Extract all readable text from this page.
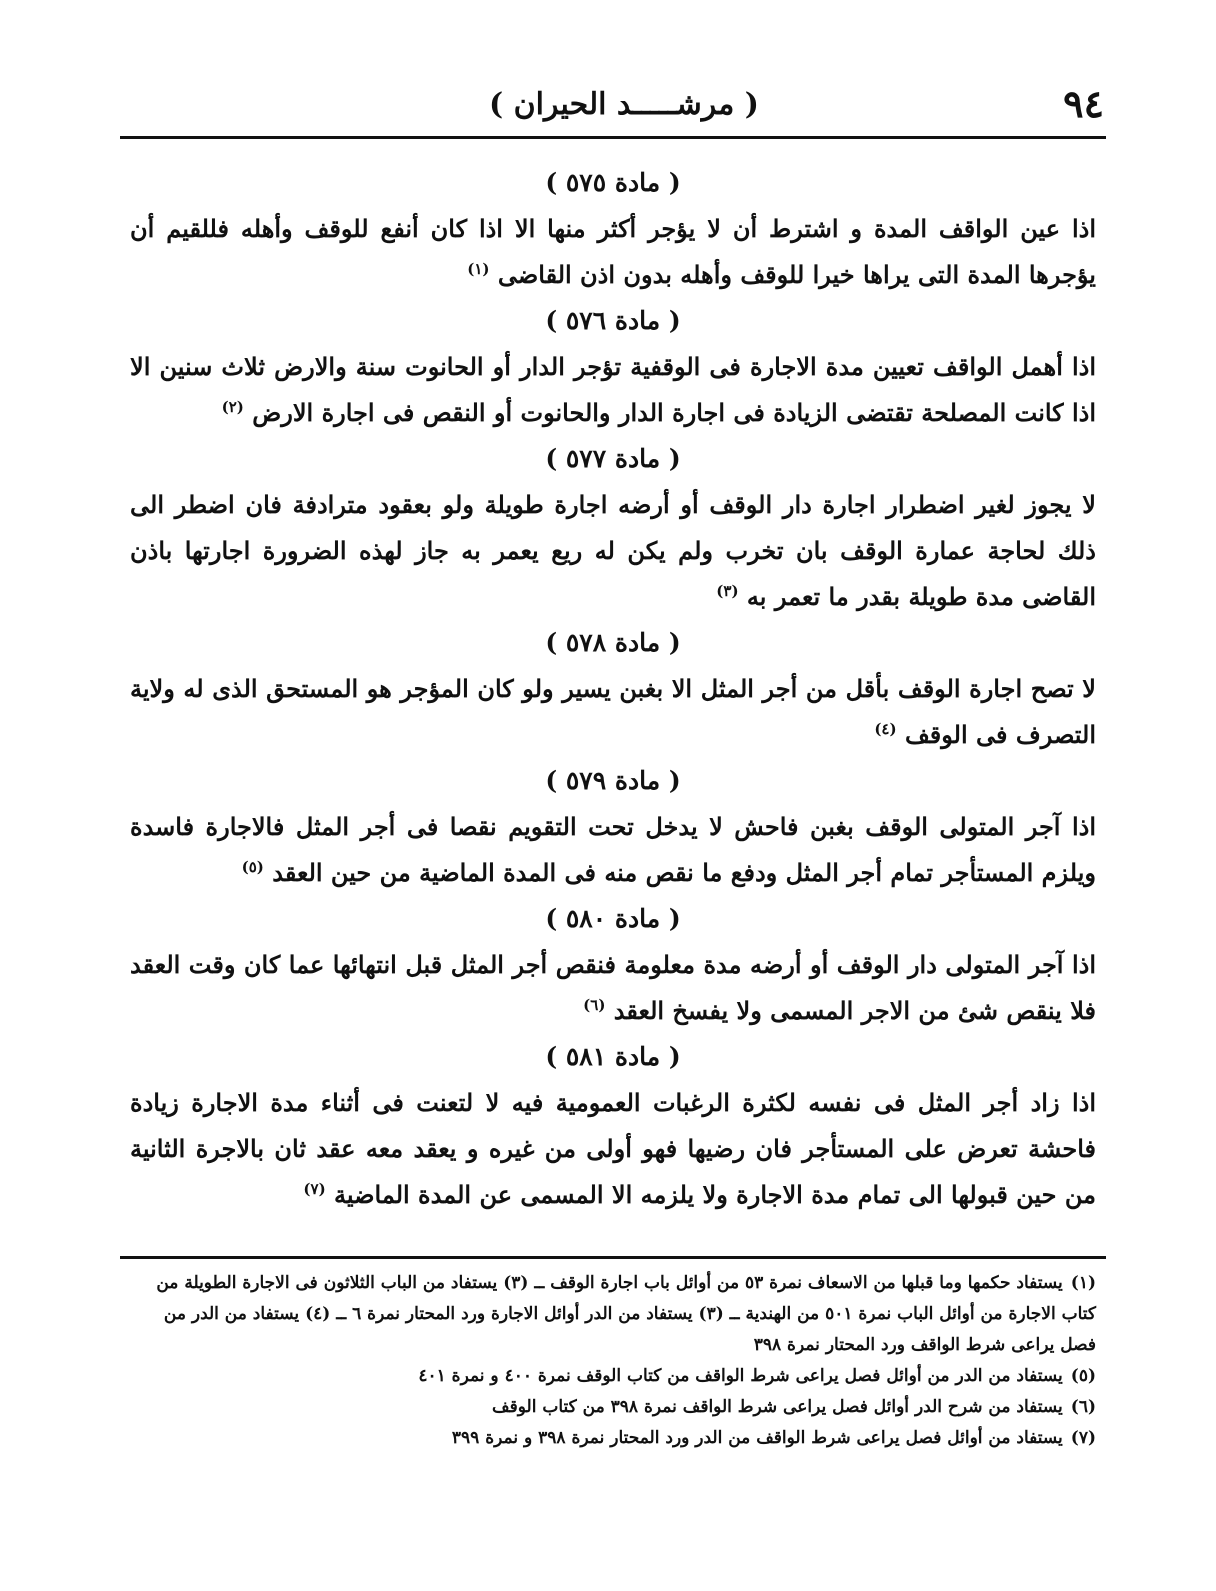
٩٤
( مرشـــــد الحيران )
( مادة ٥٧٥ )

اذا عين الواقف المدة و اشترط أن لا يؤجر أكثر منها الا اذا كان أنفع للوقف وأهله فللقيم أن يؤجرها المدة التى يراها خيرا للوقف وأهله بدون اذن القاضى $^{(١)}$

( مادة ٥٧٦ )

اذا أهمل الواقف تعيين مدة الاجارة فى الوقفية تؤجر الدار أو الحانوت سنة والارض ثلاث سنين الا اذا كانت المصلحة تقتضى الزيادة فى اجارة الدار والحانوت أو النقص فى اجارة الارض $^{(٢)}$

( مادة ٥٧٧ )

لا يجوز لغير اضطرار اجارة دار الوقف أو أرضه اجارة طويلة ولو بعقود مترادفة فان اضطر الى ذلك لحاجة عمارة الوقف بان تخرب ولم يكن له ريع يعمر به جاز لهذه الضرورة اجارتها باذن القاضى مدة طويلة بقدر ما تعمر به $^{(٣)}$

( مادة ٥٧٨ )

لا تصح اجارة الوقف بأقل من أجر المثل الا بغبن يسير ولو كان المؤجر هو المستحق الذى له ولاية التصرف فى الوقف $^{(٤)}$

( مادة ٥٧٩ )

اذا آجر المتولى الوقف بغبن فاحش لا يدخل تحت التقويم نقصا فى أجر المثل فالاجارة فاسدة ويلزم المستأجر تمام أجر المثل ودفع ما نقص منه فى المدة الماضية من حين العقد $^{(٥)}$

( مادة ٥٨٠ )

اذا آجر المتولى دار الوقف أو أرضه مدة معلومة فنقص أجر المثل قبل انتهائها عما كان وقت العقد فلا ينقص شئ من الاجر المسمى ولا يفسخ العقد $^{(٦)}$

( مادة ٥٨١ )

اذا زاد أجر المثل فى نفسه لكثرة الرغبات العمومية فيه لا لتعنت فى أثناء مدة الاجارة زيادة فاحشة تعرض على المستأجر فان رضيها فهو أولى من غيره و يعقد معه عقد ثان بالاجرة الثانية من حين قبولها الى تمام مدة الاجارة ولا يلزمه الا المسمى عن المدة الماضية $^{(٧)}$

(١)يستفاد حكمها وما قبلها من الاسعاف نمرة ٥٣ من أوائل باب اجارة الوقف ــ (٣) يستفاد من الباب الثلاثون فى الاجارة الطويلة من كتاب الاجارة من أوائل الباب نمرة ٥٠١ من الهندية ــ (٣) يستفاد من الدر أوائل الاجارة ورد المحتار نمرة ٦ ــ (٤) يستفاد من الدر من فصل يراعى شرط الواقف ورد المحتار نمرة ٣٩٨

(٥)يستفاد من الدر من أوائل فصل يراعى شرط الواقف من كتاب الوقف نمرة ٤٠٠ و نمرة ٤٠١

(٦)يستفاد من شرح الدر أوائل فصل يراعى شرط الواقف نمرة ٣٩٨ من كتاب الوقف

(٧)يستفاد من أوائل فصل يراعى شرط الواقف من الدر ورد المحتار نمرة ٣٩٨ و نمرة ٣٩٩
